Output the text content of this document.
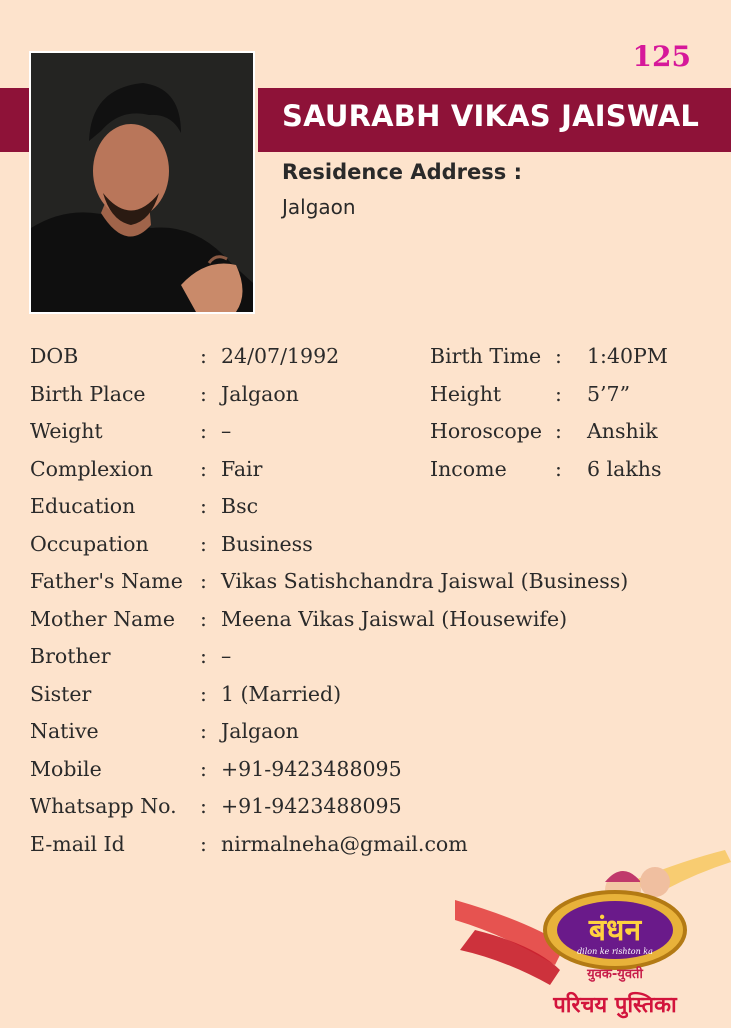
125
SAURABH VIKAS JAISWAL
Residence Address :
Jalgaon
DOB	: 24/07/1992	Birth Time : 1:40PM
Birth Place	: Jalgaon	Height	: 5’7”
Weight	: –	Horoscope : Anshik
Complexion : Fair	Income : 6 lakhs
Education	: Bsc
Occupation	: Business
Father's Name : Vikas Satishchandra Jaiswal (Business)
Mother Name : Meena Vikas Jaiswal (Housewife)
Brother	: –
Sister	: 1 (Married)
Native	: Jalgaon
Mobile	: +91-9423488095
Whatsapp No. : +91-9423488095
E-mail Id	: nirmalneha@gmail.com
बंधन
dilon ke rishton ka
युवक-युवती
परिचय पुस्तिका
